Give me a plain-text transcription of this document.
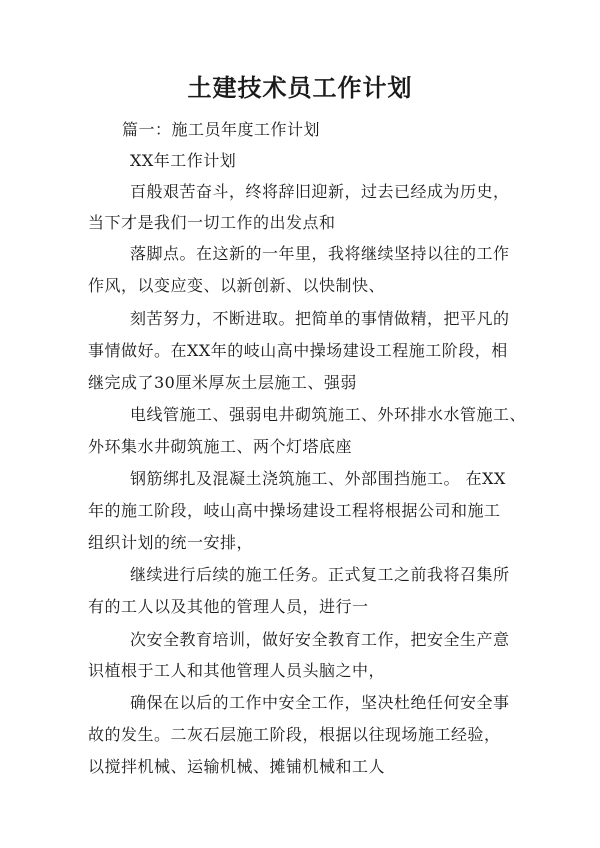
土建技术员工作计划
篇一：施工员年度工作计划
XX年工作计划
百般艰苦奋斗，终将辞旧迎新，过去已经成为历史，
当下才是我们一切工作的出发点和
落脚点。在这新的一年里，我将继续坚持以往的工作
作风，以变应变、以新创新、以快制快、
刻苦努力，不断进取。把简单的事情做精，把平凡的
事情做好。在XX年的岐山高中操场建设工程施工阶段，相
继完成了30厘米厚灰土层施工、强弱
电线管施工、强弱电井砌筑施工、外环排水水管施工、
外环集水井砌筑施工、两个灯塔底座
钢筋绑扎及混凝土浇筑施工、外部围挡施工。 在XX
年的施工阶段，岐山高中操场建设工程将根据公司和施工
组织计划的统一安排，
继续进行后续的施工任务。正式复工之前我将召集所
有的工人以及其他的管理人员，进行一
次安全教育培训，做好安全教育工作，把安全生产意
识植根于工人和其他管理人员头脑之中，
确保在以后的工作中安全工作，坚决杜绝任何安全事
故的发生。二灰石层施工阶段，根据以往现场施工经验，
以搅拌机械、运输机械、摊铺机械和工人
